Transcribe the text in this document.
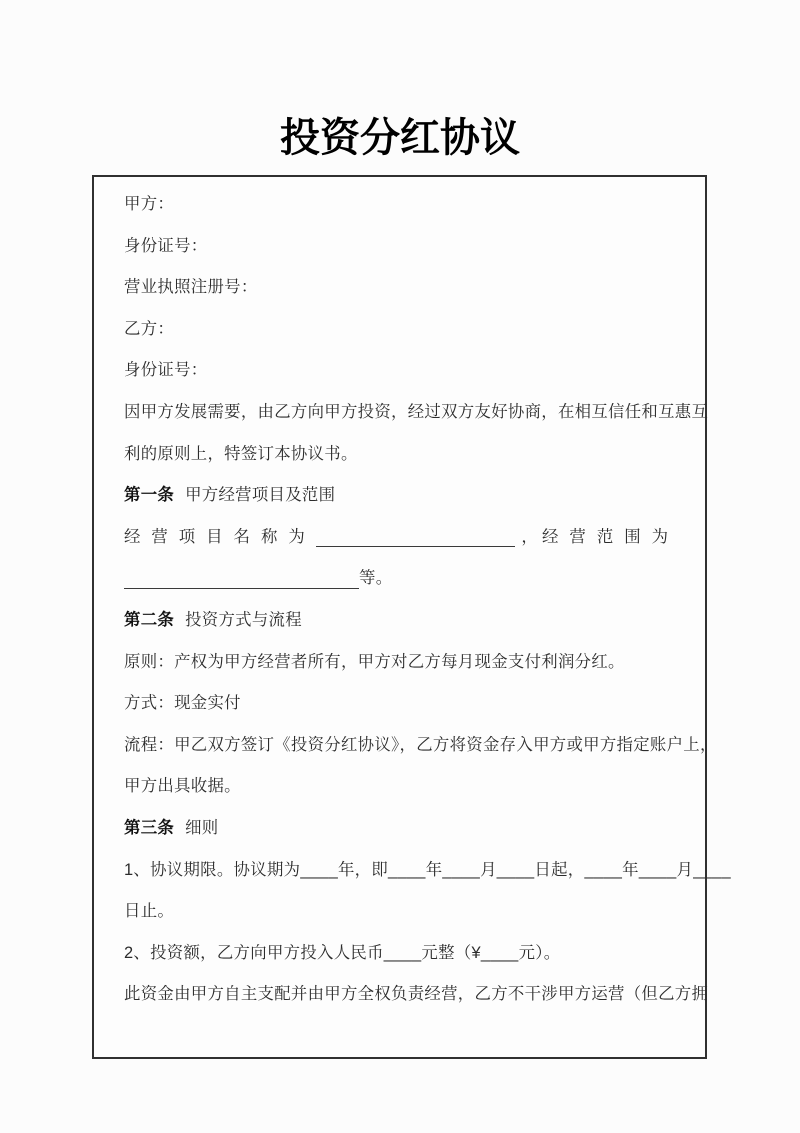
投资分红协议
甲方：
身份证号：
营业执照注册号：
乙方：
身份证号：
因甲方发展需要，由乙方向甲方投资，经过双方友好协商，在相互信任和互惠互
利的原则上，特签订本协议书。
第一条 甲方经营项目及范围
经营项目名称为	， 经营范围为
等。
第二条 投资方式与流程
原则：产权为甲方经营者所有，甲方对乙方每月现金支付利润分红。
方式：现金实付
流程：甲乙双方签订《投资分红协议》，乙方将资金存入甲方或甲方指定账户上，
甲方出具收据。
第三条 细则
1、协议期限。协议期为____年，即____年____月____日起，____年____月____
日止。
2、投资额，乙方向甲方投入人民币____元整（¥____元）。
此资金由甲方自主支配并由甲方全权负责经营，乙方不干涉甲方运营（但乙方拥
